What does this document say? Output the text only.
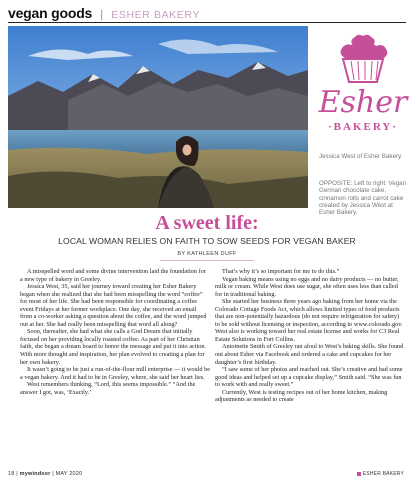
vegan goods | ESHER BAKERY
Esher
·BAKERY·
Jessica West of Esher Bakery.
OPPOSITE: Left to right: Vegan German chocolate cake, cinnamon rolls and carrot cake created by Jessica West at Esher Bakery.
A sweet life:
LOCAL WOMAN RELIES ON FAITH TO SOW SEEDS FOR VEGAN BAKER
BY KATHLEEN DUFF

A misspelled word and some divine intervention laid the foundation for a new type of bakery in Greeley.

Jessica West, 35, said her journey toward creating her Esher Bakery began when she realized that she had been misspelling the word “coffee” for most of her life. She had been responsible for coordinating a coffee event Fridays at her former workplace. One day, she received an email from a co-worker asking a question about the coffee, and the word jumped out at her. She had really been misspelling that word all along?

Soon, thereafter, she had what she calls a God Dream that initially focused on her providing locally roasted coffee. As part of her Christian faith, she began a dream board to honor the message and put it into action. With more thought and inspiration, her plan evolved to creating a plan for her own bakery.

It wasn’t going to be just a run-of-the-flour mill enterprise — it would be a vegan bakery. And it had to be in Greeley, where, she said her heart lies.

West remembers thinking, “Lord, this seems impossible.” “And the answer I got, was, ‘Exactly.’

That’s why it’s so important for me to do this.”

Vegan baking means using no eggs and no dairy products — no butter, milk or cream. While West does use sugar, she often uses less than called for in traditional baking.

She started her business three years ago baking from her home via the Colorado Cottage Foods Act, which allows limited types of food products that are non-potentially hazardous (do not require refrigeration for safety) to be sold without licensing or inspection, according to www.colorado.gov. West also is working toward her real estate license and works for C3 Real Estate Solutions in Fort Collins.

Antoinette Smith of Greeley ran afoul to West’s baking skills. She found out about Esher via Facebook and ordered a cake and cupcakes for her daughter’s first birthday.

“I saw some of her photos and reached out. She’s creative and had some good ideas and helped set up a cupcake display,” Smith said. “She was fun to work with and really sweet.”

Currently, West is testing recipes out of her home kitchen, making adjustments as needed to create

18 | mywindsor | MAY 2020	ESHER BAKERY
